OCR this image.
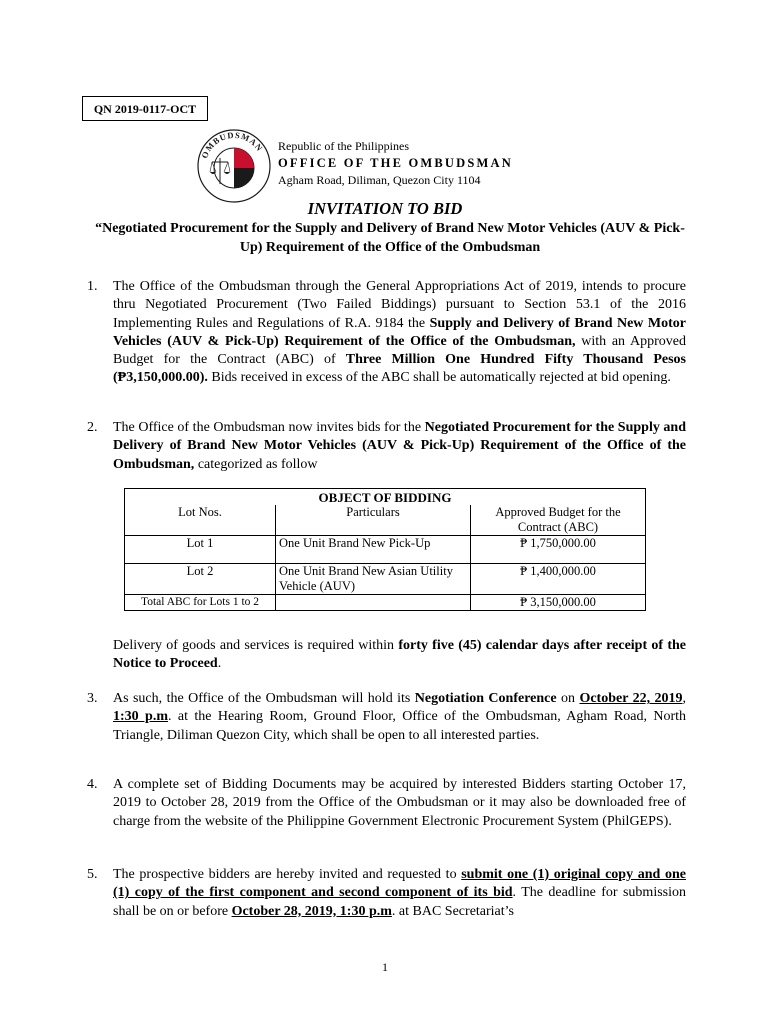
QN 2019-0117-OCT
OMBUDSMAN Republic of the Philippines
OFFICE OF THE OMBUDSMAN
Agham Road, Diliman, Quezon City 1104
INVITATION TO BID
“Negotiated Procurement for the Supply and Delivery of Brand New Motor Vehicles (AUV & Pick-Up) Requirement of the Office of the Ombudsman
1. The Office of the Ombudsman through the General Appropriations Act of 2019, intends to procure thru Negotiated Procurement (Two Failed Biddings) pursuant to Section 53.1 of the 2016 Implementing Rules and Regulations of R.A. 9184 the Supply and Delivery of Brand New Motor Vehicles (AUV & Pick-Up) Requirement of the Office of the Ombudsman, with an Approved Budget for the Contract (ABC) of Three Million One Hundred Fifty Thousand Pesos (₱3,150,000.00). Bids received in excess of the ABC shall be automatically rejected at bid opening.
2. The Office of the Ombudsman now invites bids for the Negotiated Procurement for the Supply and Delivery of Brand New Motor Vehicles (AUV & Pick-Up) Requirement of the Office of the Ombudsman, categorized as follow
OBJECT OF BIDDING		
Lot Nos.	Particulars	Approved Budget for the Contract (ABC)
Lot 1	One Unit Brand New Pick-Up	₱ 1,750,000.00
Lot 2	One Unit Brand New Asian Utility Vehicle (AUV)	₱ 1,400,000.00
Total ABC for Lots 1 to 2		₱ 3,150,000.00
Delivery of goods and services is required within forty five (45) calendar days after receipt of the Notice to Proceed.
3. As such, the Office of the Ombudsman will hold its Negotiation Conference on October 22, 2019, 1:30 p.m. at the Hearing Room, Ground Floor, Office of the Ombudsman, Agham Road, North Triangle, Diliman Quezon City, which shall be open to all interested parties.
4. A complete set of Bidding Documents may be acquired by interested Bidders starting October 17, 2019 to October 28, 2019 from the Office of the Ombudsman or it may also be downloaded free of charge from the website of the Philippine Government Electronic Procurement System (PhilGEPS).
5. The prospective bidders are hereby invited and requested to submit one (1) original copy and one (1) copy of the first component and second component of its bid. The deadline for submission shall be on or before October 28, 2019, 1:30 p.m. at BAC Secretariat’s
1
